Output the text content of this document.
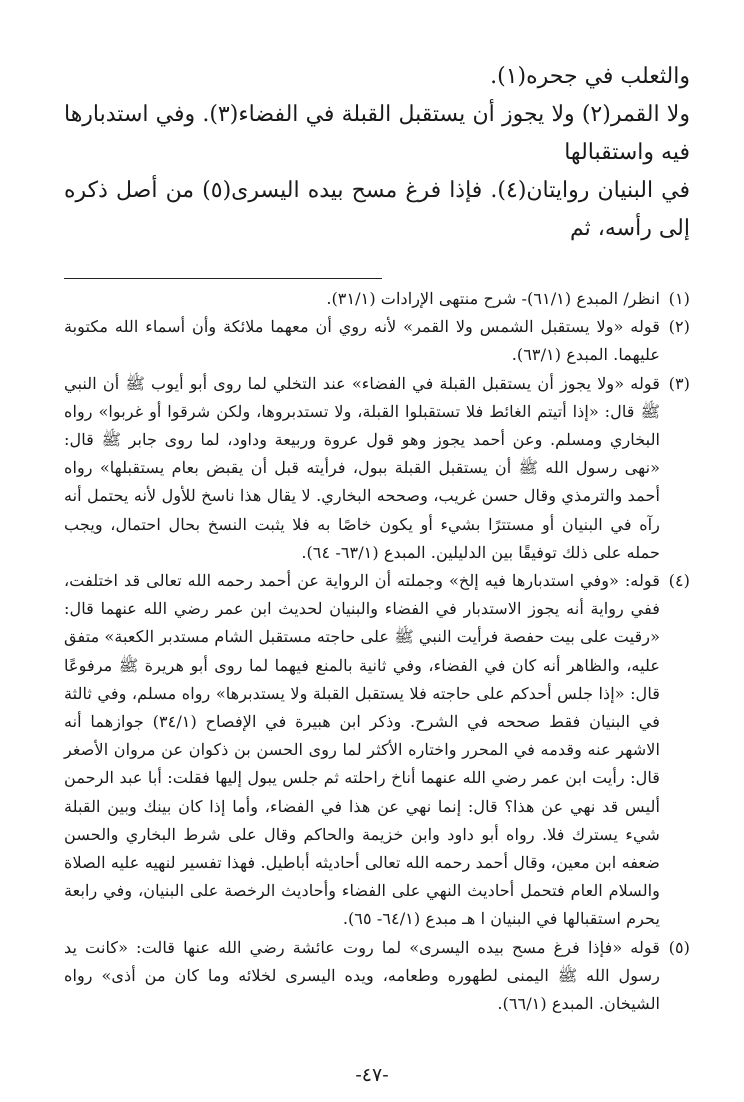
والثعلب في جحره(١).

ولا القمر(٢) ولا يجوز أن يستقبل القبلة في الفضاء(٣). وفي استدبارها فيه واستقبالها

في البنيان روايتان(٤). فإذا فرغ مسح بيده اليسرى(٥) من أصل ذكره إلى رأسه، ثم

(١)

انظر/ المبدع (٦١/١)- شرح منتهى الإرادات (٣١/١).

(٢)

قوله «ولا يستقبل الشمس ولا القمر» لأنه روي أن معهما ملائكة وأن أسماء الله مكتوبة عليهما. المبدع (٦٣/١).

(٣)

قوله «ولا يجوز أن يستقبل القبلة في الفضاء» عند التخلي لما روى أبو أيوب ﷺ أن النبي ﷺ قال: «إذا أتيتم الغائط فلا تستقبلوا القبلة، ولا تستدبروها، ولكن شرقوا أو غربوا» رواه البخاري ومسلم. وعن أحمد يجوز وهو قول عروة وربيعة وداود، لما روى جابر ﷺ قال: «نهى رسول الله ﷺ أن يستقبل القبلة ببول، فرأيته قبل أن يقبض بعام يستقبلها» رواه أحمد والترمذي وقال حسن غريب، وصححه البخاري. لا يقال هذا ناسخ للأول لأنه يحتمل أنه رآه في البنيان أو مستترًا بشيء أو يكون خاصًا به فلا يثبت النسخ بحال احتمال، ويجب حمله على ذلك توفيقًا بين الدليلين. المبدع (٦٣/١- ٦٤).

(٤)

قوله: «وفي استدبارها فيه إلخ» وجملته أن الرواية عن أحمد رحمه الله تعالى قد اختلفت، ففي رواية أنه يجوز الاستدبار في الفضاء والبنيان لحديث ابن عمر رضي الله عنهما قال: «رقيت على بيت حفصة فرأيت النبي ﷺ على حاجته مستقبل الشام مستدبر الكعبة» متفق عليه، والظاهر أنه كان في الفضاء، وفي ثانية بالمنع فيهما لما روى أبو هريرة ﷺ مرفوعًا قال: «إذا جلس أحدكم على حاجته فلا يستقبل القبلة ولا يستدبرها» رواه مسلم، وفي ثالثة في البنيان فقط صححه في الشرح. وذكر ابن هبيرة في الإفصاح (٣٤/١) جوازهما أنه الاشهر عنه وقدمه في المحرر واختاره الأكثر لما روى الحسن بن ذكوان عن مروان الأصغر قال: رأيت ابن عمر رضي الله عنهما أناخ راحلته ثم جلس يبول إليها فقلت: أبا عبد الرحمن أليس قد نهي عن هذا؟ قال: إنما نهي عن هذا في الفضاء، وأما إذا كان بينك وبين القبلة شيء يسترك فلا. رواه أبو داود وابن خزيمة والحاكم وقال على شرط البخاري والحسن ضعفه ابن معين، وقال أحمد رحمه الله تعالى أحاديثه أباطيل. فهذا تفسير لنهيه عليه الصلاة والسلام العام فتحمل أحاديث النهي على الفضاء وأحاديث الرخصة على البنيان، وفي رابعة يحرم استقبالها في البنيان ا هـ مبدع (٦٤/١- ٦٥).

(٥)

قوله «فإذا فرغ مسح بيده اليسرى» لما روت عائشة رضي الله عنها قالت: «كانت يد رسول الله ﷺ اليمنى لطهوره وطعامه، ويده اليسرى لخلائه وما كان من أذى» رواه الشيخان. المبدع (٦٦/١).

-٤٧-
